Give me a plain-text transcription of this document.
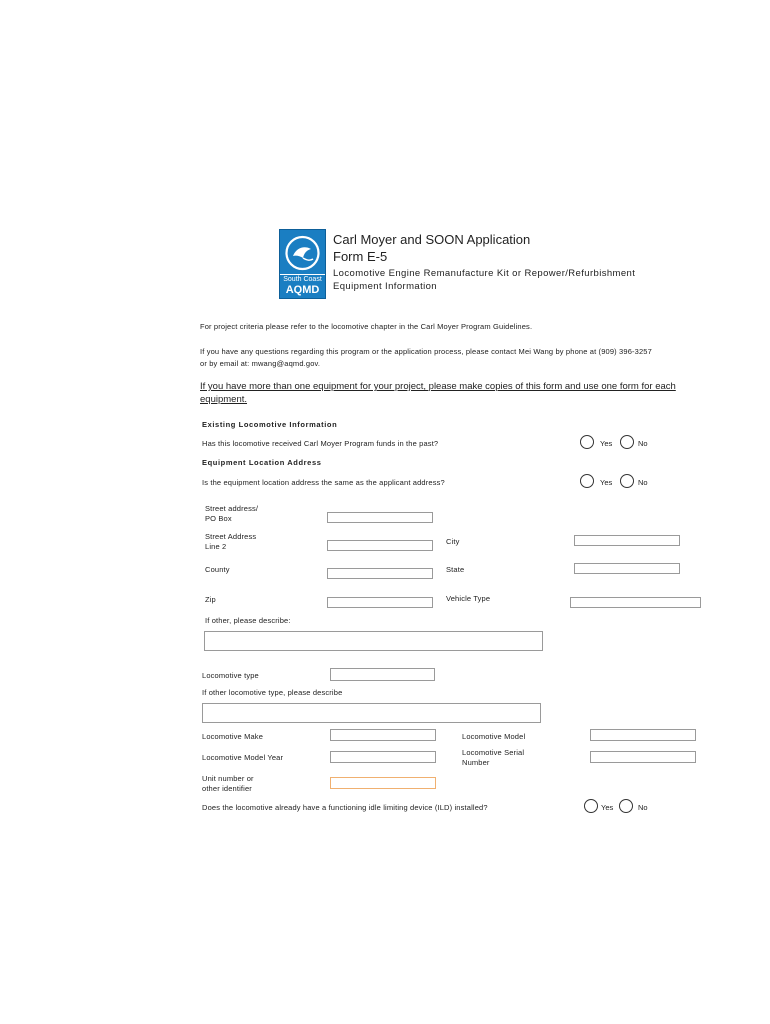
South Coast
AQMD
Carl Moyer and SOON Application
Form E-5
Locomotive Engine Remanufacture Kit or Repower/Refurbishment
Equipment Information
For project criteria please refer to the locomotive chapter in the Carl Moyer Program Guidelines.
If you have any questions regarding this program or the application process, please contact Mei Wang by phone at (909) 396-3257
or by email at: mwang@aqmd.gov.
If you have more than one equipment for your project, please make copies of this form and use one form for each
equipment.
Existing Locomotive Information
Has this locomotive received Carl Moyer Program funds in the past?	Yes	No
Equipment Location Address
Is the equipment location address the same as the applicant address?	Yes	No
Street address/
PO Box
Street Address
Line 2
City
County	State
Zip	Vehicle Type
If other, please describe:
Locomotive type
If other locomotive type, please describe
Locomotive Make	Locomotive Model
Locomotive Model Year
Locomotive Serial
Number
Unit number or
other identifier
Does the locomotive already have a functioning idle limiting device (ILD) installed?	Yes	No
